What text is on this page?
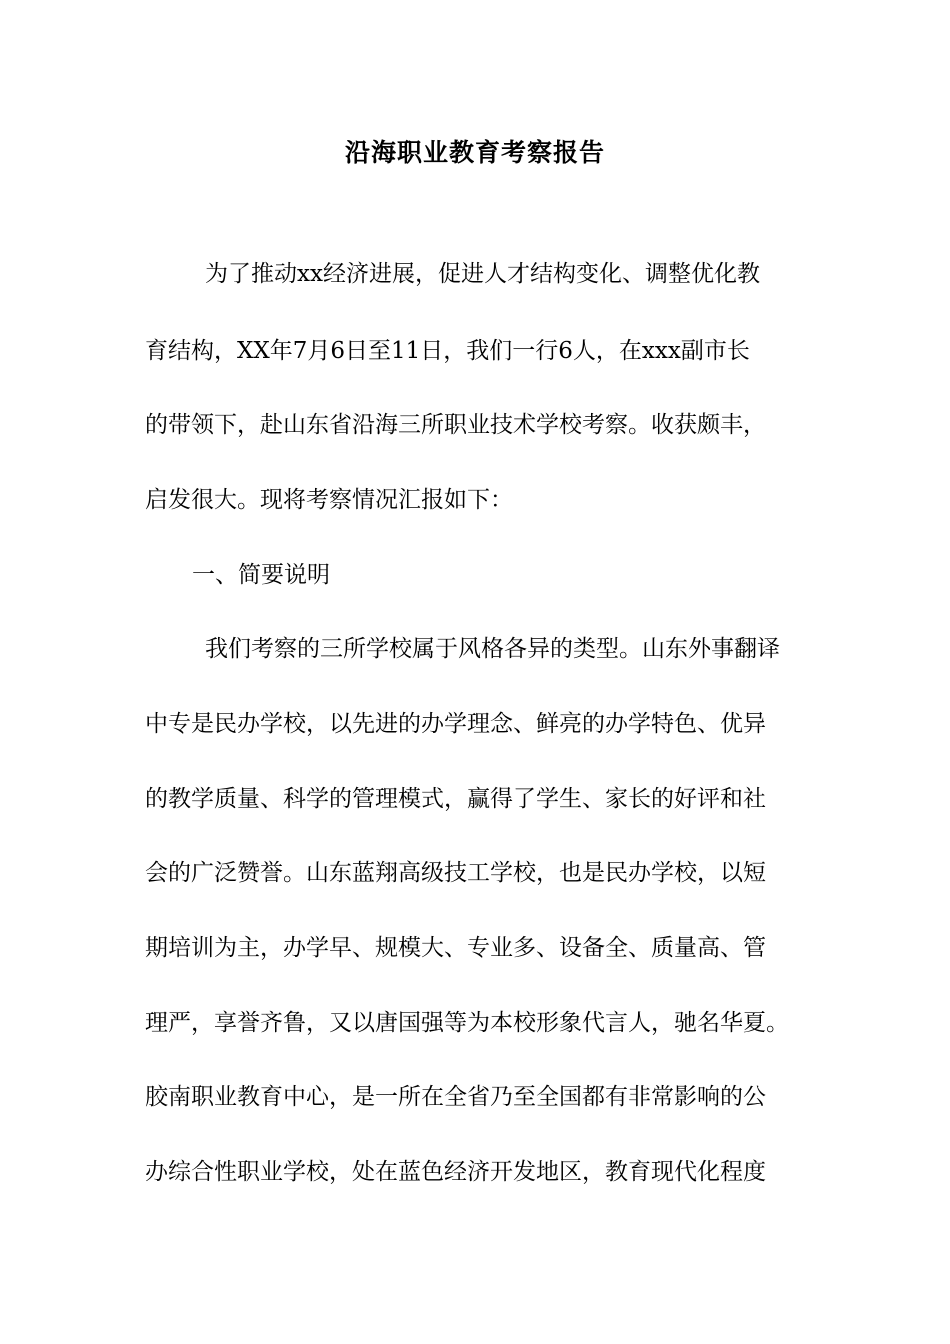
沿海职业教育考察报告
为了推动xx经济进展，促进人才结构变化、调整优化教
育结构，XX年7月6日至11日，我们一行6人，在xxx副市长
的带领下，赴山东省沿海三所职业技术学校考察。收获颇丰，
启发很大。现将考察情况汇报如下：
一、简要说明
我们考察的三所学校属于风格各异的类型。山东外事翻译
中专是民办学校，以先进的办学理念、鲜亮的办学特色、优异
的教学质量、科学的管理模式，赢得了学生、家长的好评和社
会的广泛赞誉。山东蓝翔高级技工学校，也是民办学校，以短
期培训为主，办学早、规模大、专业多、设备全、质量高、管
理严，享誉齐鲁，又以唐国强等为本校形象代言人，驰名华夏。
胶南职业教育中心，是一所在全省乃至全国都有非常影响的公
办综合性职业学校，处在蓝色经济开发地区，教育现代化程度
